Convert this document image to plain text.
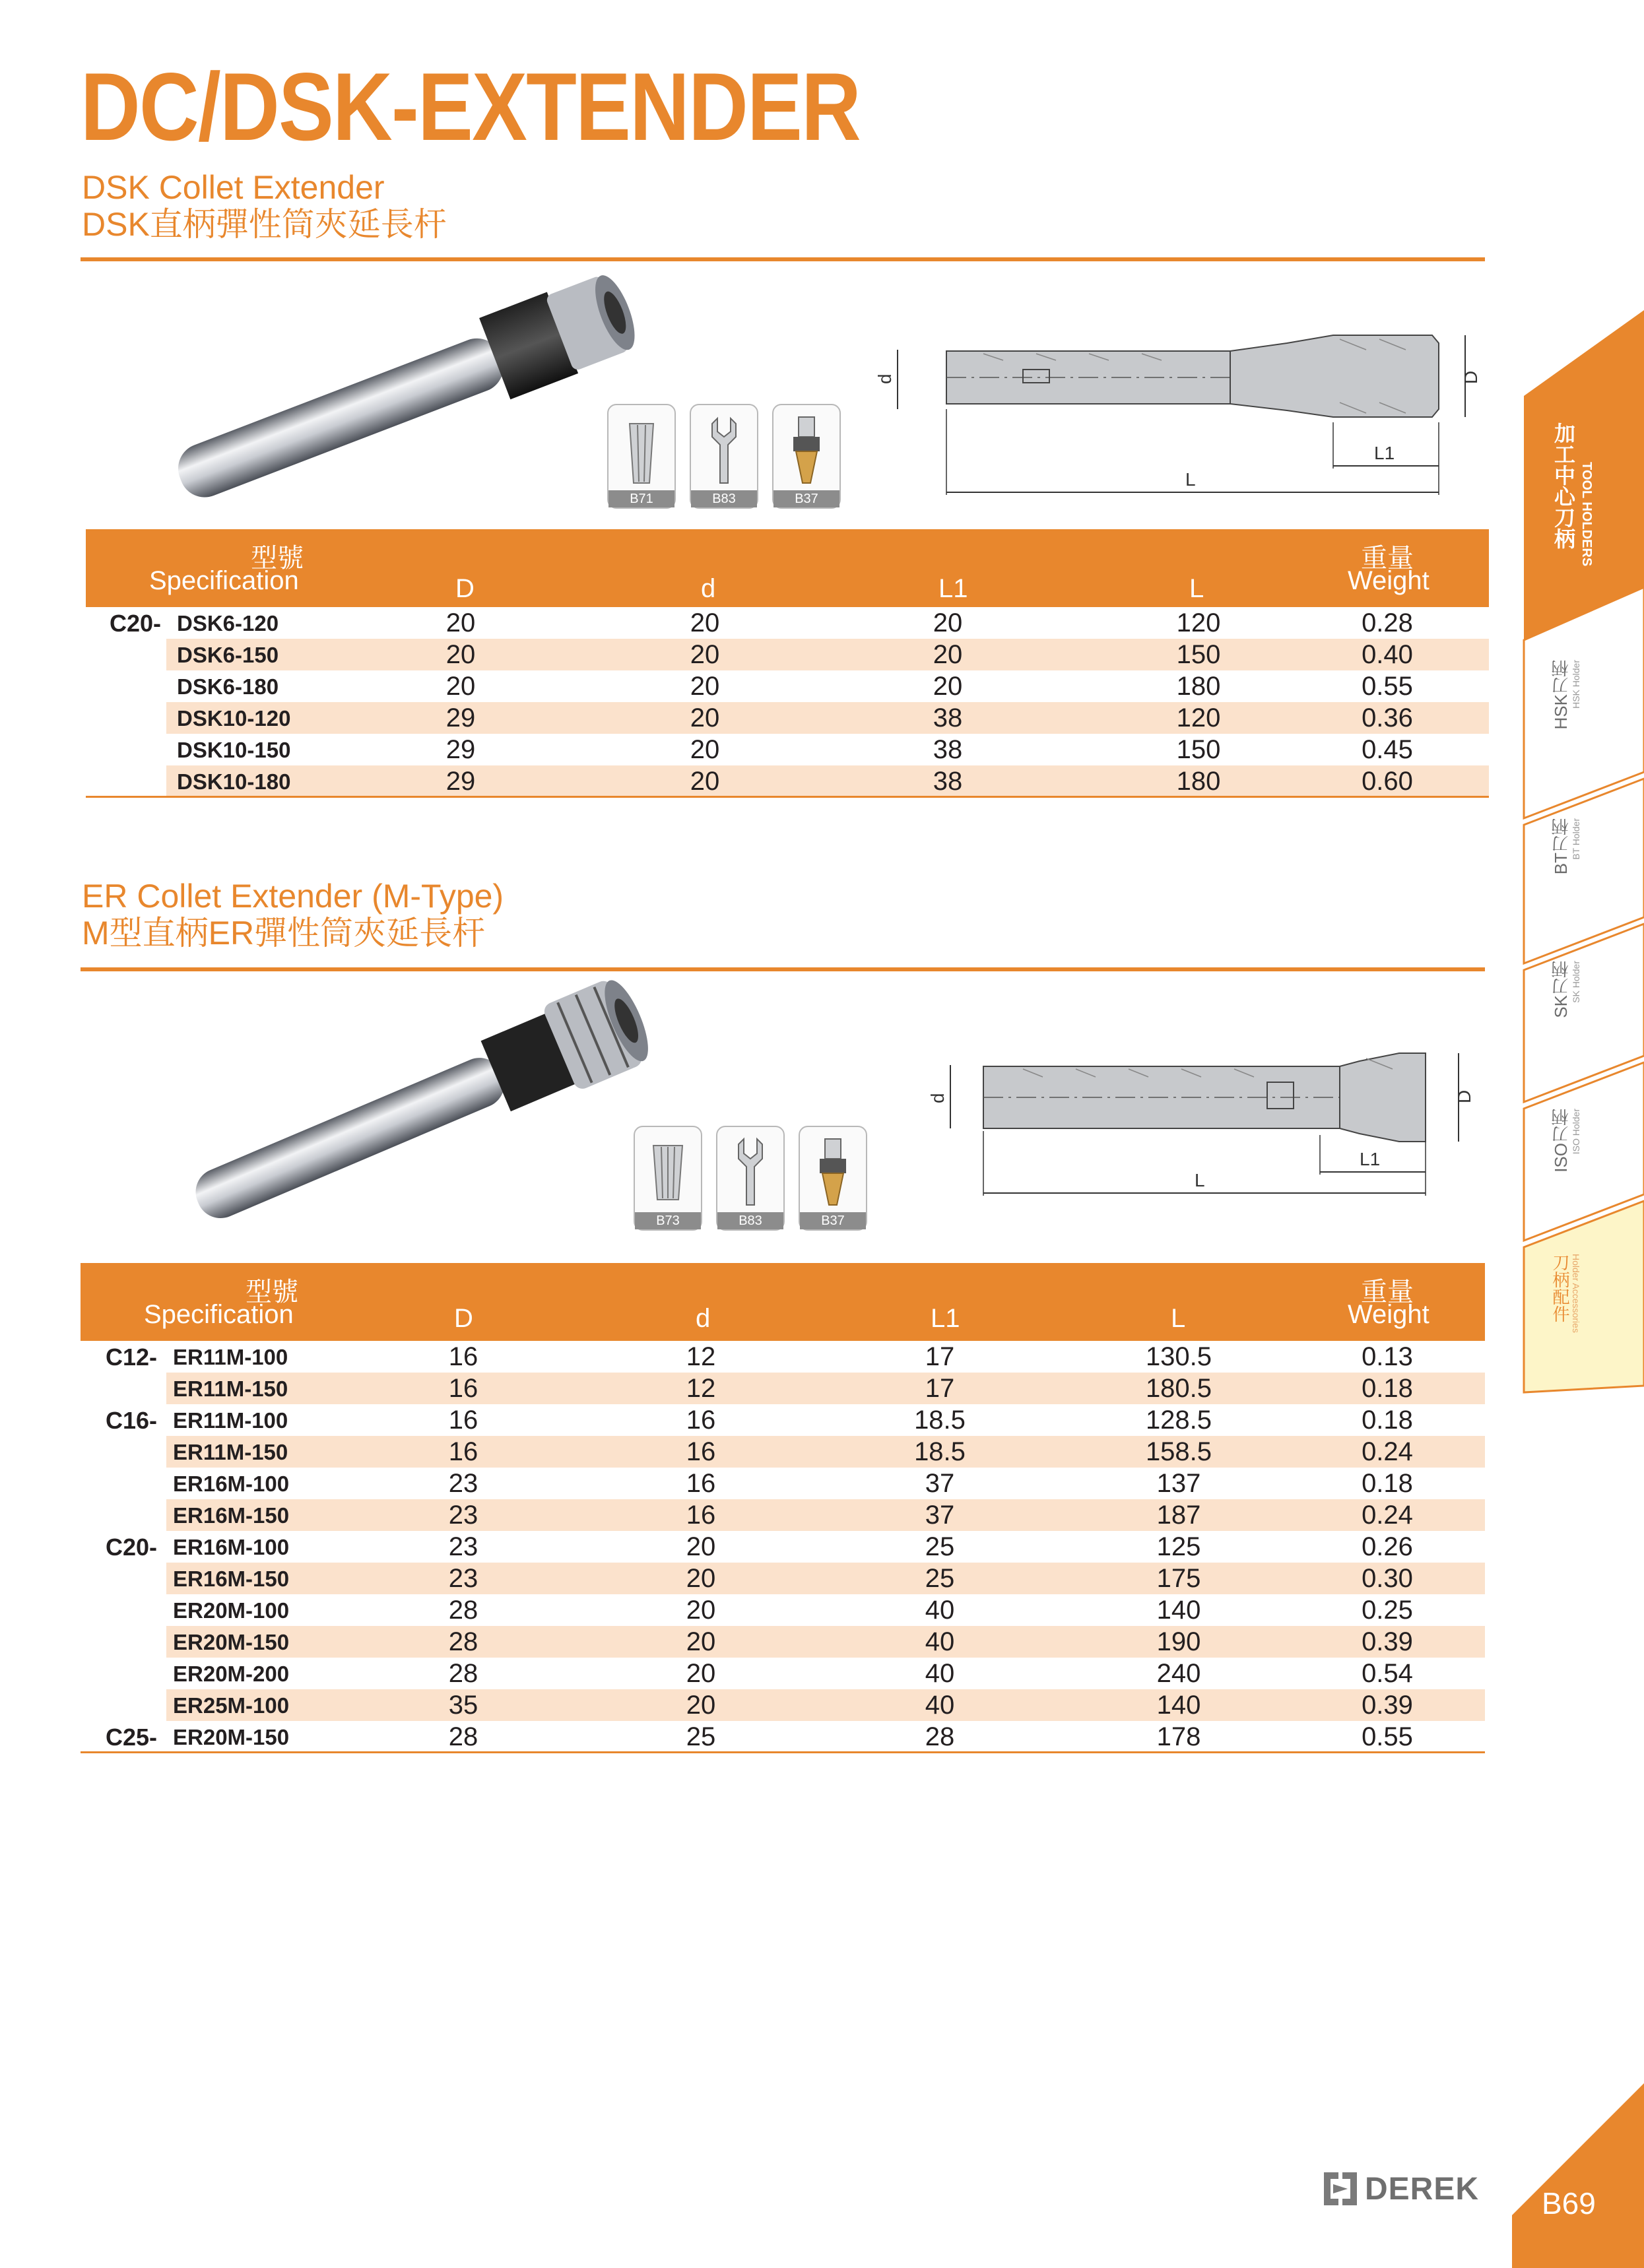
DC/DSK-EXTENDER
DSK Collet Extender
DSK直柄彈性筒夾延長杆
B71	B83	B37
d	D
L1
L
型號
Specification	D	d	L1	L
重量
Weight
C20- DSK6-120	20	20	20	120	0.28
DSK6-150	20	20	20	150	0.40
DSK6-180	20	20	20	180	0.55
DSK10-120	29	20	38	120	0.36
DSK10-150	29	20	38	150	0.45
DSK10-180	29	20	38	180	0.60
ER Collet Extender (M-Type)
M型直柄ER彈性筒夾延長杆
B73	B83	B37
d	D
L1
L
型號
Specification	D	d	L1	L
重量
Weight
C12- ER11M-100	16	12	17	130.5	0.13
ER11M-150	16	12	17	180.5	0.18
C16- ER11M-100	16	16	18.5	128.5	0.18
ER11M-150	16	16	18.5	158.5	0.24
ER16M-100	23	16	37	137	0.18
ER16M-150	23	16	37	187	0.24
C20- ER16M-100	23	20	25	125	0.26
ER16M-150	23	20	25	175	0.30
ER20M-100	28	20	40	140	0.25
ER20M-150	28	20	40	190	0.39
ER20M-200	28	20	40	240	0.54
ER25M-100	35	20	40	140	0.39
C25- ER20M-150	28	25	28	178	0.55
加工中心刀柄 TOOL HOLDERS
HSK刀柄 HSK Holder
BT刀柄 BT Holder
SK刀柄 SK Holder
ISO刀柄 ISO Holder
刀柄配件 Holder Accessories
DEREK B69
